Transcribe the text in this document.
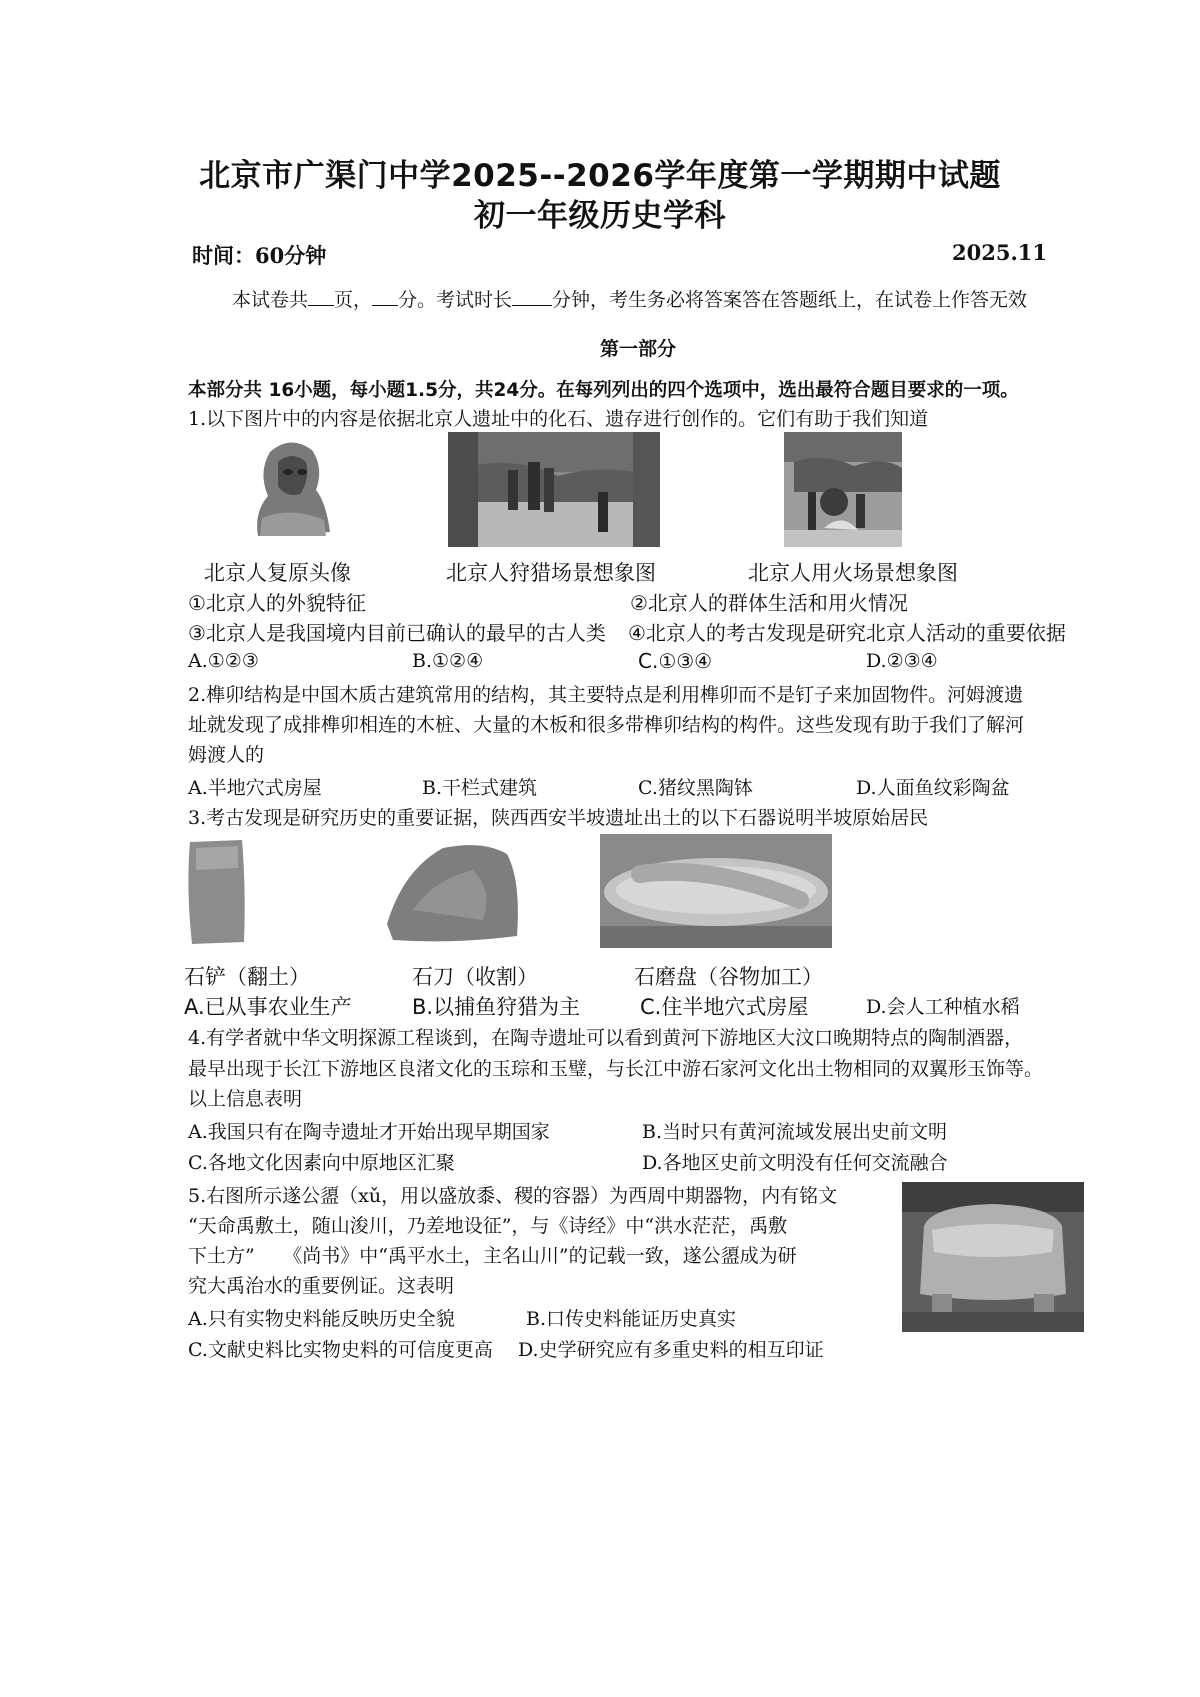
北京市广渠门中学2025--2026学年度第一学期期中试题
初一年级历史学科
时间：60分钟	2025.11
本试卷共 页， 分。考试时长 分钟，考生务必将答案答在答题纸上，在试卷上作答无效
第一部分
本部分共 16小题，每小题1.5分，共24分。在每列列出的四个选项中，选出最符合题目要求的一项。
1.以下图片中的内容是依据北京人遗址中的化石、遗存进行创作的。它们有助于我们知道
北京人复原头像	北京人狩猎场景想象图	北京人用火场景想象图
①北京人的外貌特征	②北京人的群体生活和用火情况
③北京人是我国境内目前已确认的最早的古人类 ④北京人的考古发现是研究北京人活动的重要依据
A.①②③	B.①②④	C.①③④	D.②③④
2.榫卯结构是中国木质古建筑常用的结构，其主要特点是利用榫卯而不是钉子来加固物件。河姆渡遗
址就发现了成排榫卯相连的木桩、大量的木板和很多带榫卯结构的构件。这些发现有助于我们了解河
姆渡人的
A.半地穴式房屋	B.干栏式建筑	C.猪纹黑陶钵	D.人面鱼纹彩陶盆
3.考古发现是研究历史的重要证据，陕西西安半坡遗址出土的以下石器说明半坡原始居民
石铲（翻土）	石刀（收割）	石磨盘（谷物加工）
A.已从事农业生产	B.以捕鱼狩猎为主	C.住半地穴式房屋	D.会人工种植水稻
4.有学者就中华文明探源工程谈到，在陶寺遗址可以看到黄河下游地区大汶口晚期特点的陶制酒器，
最早出现于长江下游地区良渚文化的玉琮和玉璧，与长江中游石家河文化出土物相同的双翼形玉饰等。
以上信息表明
A.我国只有在陶寺遗址才开始出现早期国家	B.当时只有黄河流域发展出史前文明
C.各地文化因素向中原地区汇聚	D.各地区史前文明没有任何交流融合
5.右图所示遂公盨（xǔ，用以盛放黍、稷的容器）为西周中期器物，内有铭文
“天命禹敷土，随山浚川，乃差地设征”，与《诗经》中“洪水茫茫，禹敷
下土方”　　《尚书》中“禹平水土，主名山川”的记载一致，遂公盨成为研
究大禹治水的重要例证。这表明
A.只有实物史料能反映历史全貌	B.口传史料能证历史真实
C.文献史料比实物史料的可信度更高 D.史学研究应有多重史料的相互印证
